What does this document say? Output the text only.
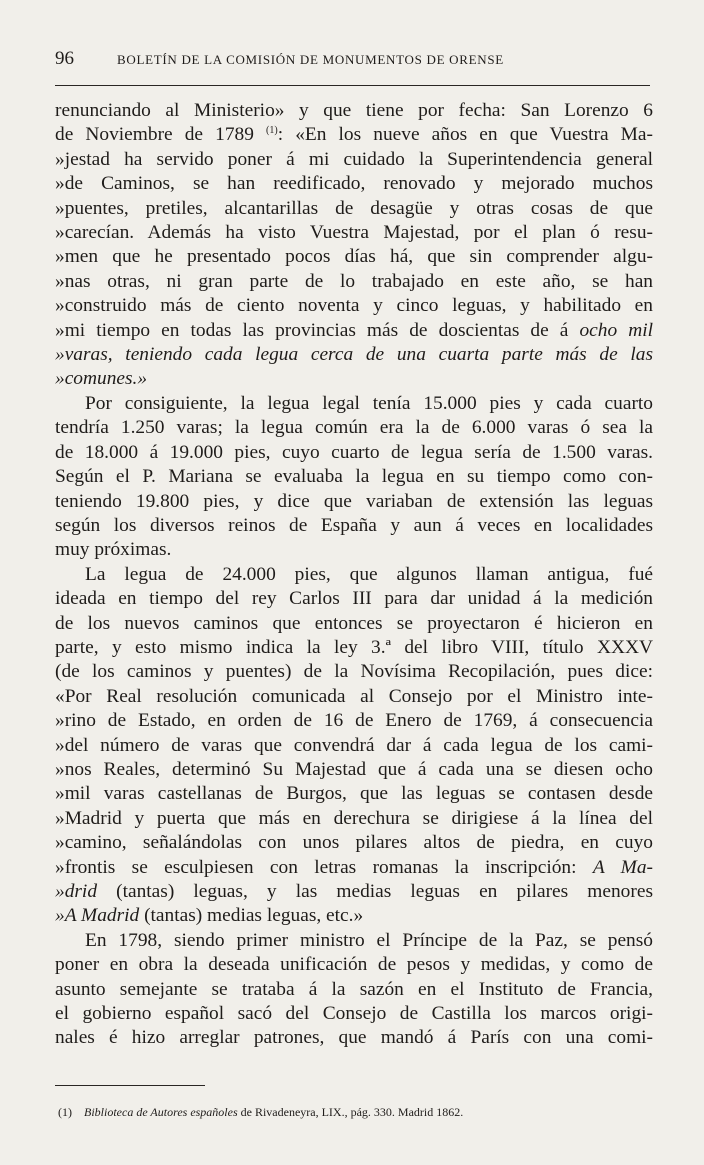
96	BOLETÍN DE LA COMISIÓN DE MONUMENTOS DE ORENSE

renunciando al Ministerio» y que tiene por fecha: San Lorenzo 6

de Noviembre de 1789 $^{(1)}$: «En los nueve años en que Vuestra Ma-

»jestad ha servido poner á mi cuidado la Superintendencia general

»de Caminos, se han reedificado, renovado y mejorado muchos

»puentes, pretiles, alcantarillas de desagüe y otras cosas de que

»carecían. Además ha visto Vuestra Majestad, por el plan ó resu-

»men que he presentado pocos días há, que sin comprender algu-

»nas otras, ni gran parte de lo trabajado en este año, se han

»construido más de ciento noventa y cinco leguas, y habilitado en

»mi tiempo en todas las provincias más de doscientas de á ocho mil

»varas, teniendo cada legua cerca de una cuarta parte más de las

»comunes.»

Por consiguiente, la legua legal tenía 15.000 pies y cada cuarto

tendría 1.250 varas; la legua común era la de 6.000 varas ó sea la

de 18.000 á 19.000 pies, cuyo cuarto de legua sería de 1.500 varas.

Según el P. Mariana se evaluaba la legua en su tiempo como con-

teniendo 19.800 pies, y dice que variaban de extensión las leguas

según los diversos reinos de España y aun á veces en localidades

muy próximas.

La legua de 24.000 pies, que algunos llaman antigua, fué

ideada en tiempo del rey Carlos III para dar unidad á la medición

de los nuevos caminos que entonces se proyectaron é hicieron en

parte, y esto mismo indica la ley 3.ª del libro VIII, título XXXV

(de los caminos y puentes) de la Novísima Recopilación, pues dice:

«Por Real resolución comunicada al Consejo por el Ministro inte-

»rino de Estado, en orden de 16 de Enero de 1769, á consecuencia

»del número de varas que convendrá dar á cada legua de los cami-

»nos Reales, determinó Su Majestad que á cada una se diesen ocho

»mil varas castellanas de Burgos, que las leguas se contasen desde

»Madrid y puerta que más en derechura se dirigiese á la línea del

»camino, señalándolas con unos pilares altos de piedra, en cuyo

»frontis se esculpiesen con letras romanas la inscripción: A Ma-

»drid (tantas) leguas, y las medias leguas en pilares menores

»A Madrid (tantas) medias leguas, etc.»

En 1798, siendo primer ministro el Príncipe de la Paz, se pensó

poner en obra la deseada unificación de pesos y medidas, y como de

asunto semejante se trataba á la sazón en el Instituto de Francia,

el gobierno español sacó del Consejo de Castilla los marcos origi-

nales é hizo arreglar patrones, que mandó á París con una comi-

(1) Biblioteca de Autores españoles de Rivadeneyra, LIX., pág. 330. Madrid 1862.
